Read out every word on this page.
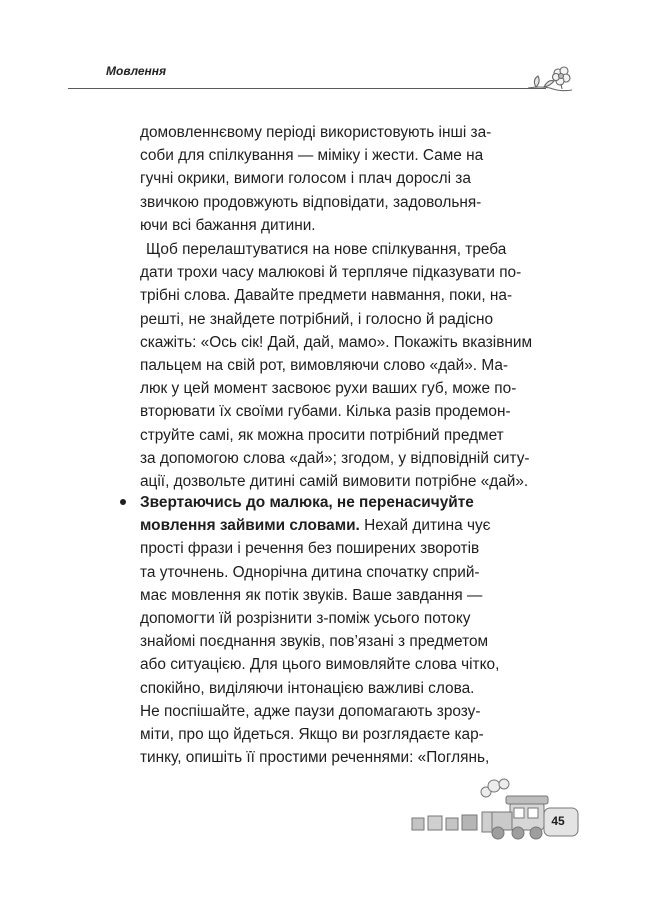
Мовлення
домовленнєвому періоді використовують інші за-
соби для спілкування — міміку і жести. Саме на
гучні окрики, вимоги голосом і плач дорослі за
звичкою продовжують відповідати, задовольня-
ючи всі бажання дитини.
Щоб перелаштуватися на нове спілкування, треба
дати трохи часу малюкові й терпляче підказувати по-
трібні слова. Давайте предмети навмання, поки, на-
решті, не знайдете потрібний, і голосно й радісно
скажіть: «Ось сік! Дай, дай, мамо». Покажіть вказівним
пальцем на свій рот, вимовляючи слово «дай». Ма-
люк у цей момент засвоює рухи ваших губ, може по-
вторювати їх своїми губами. Кілька разів продемон-
струйте самі, як можна просити потрібний предмет
за допомогою слова «дай»; згодом, у відповідній ситу-
ації, дозвольте дитині самій вимовити потрібне «дай».
Звертаючись до малюка, не перенасичуйте
мовлення зайвими словами. Нехай дитина чує
прості фрази і речення без поширених зворотів
та уточнень. Однорічна дитина спочатку сприй-
має мовлення як потік звуків. Ваше завдання —
допомогти їй розрізнити з-поміж усього потоку
знайомі поєднання звуків, пов’язані з предметом
або ситуацією. Для цього вимовляйте слова чітко,
спокійно, виділяючи інтонацією важливі слова.
Не поспішайте, адже паузи допомагають зрозу-
міти, про що йдеться. Якщо ви розглядаєте кар-
тинку, опишіть її простими реченнями: «Поглянь,
45
